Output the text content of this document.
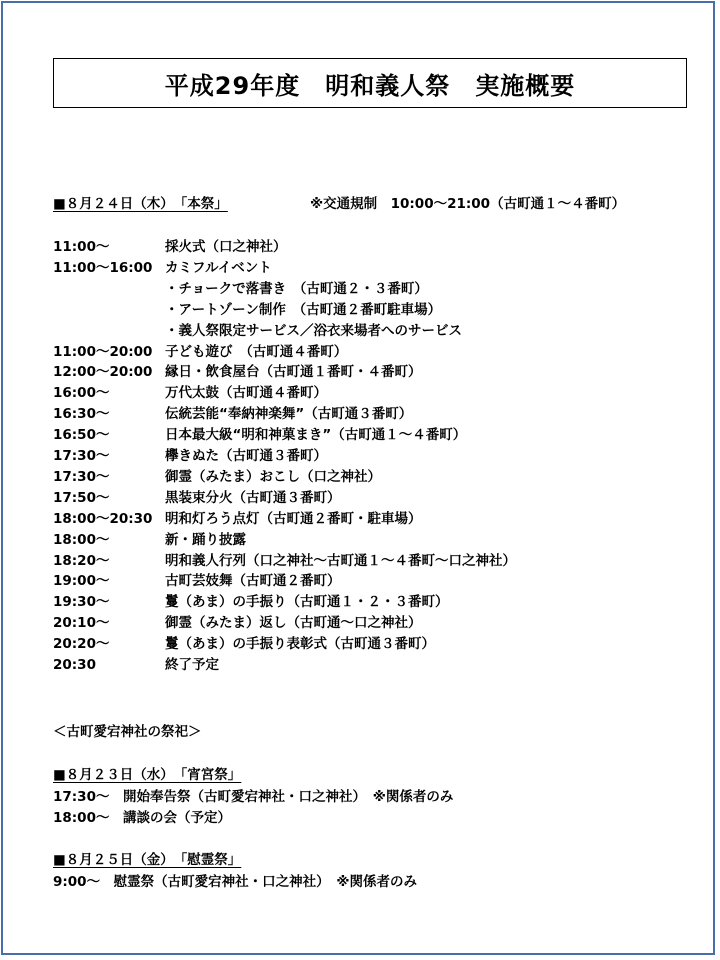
平成29年度　明和義人祭　実施概要
■８月２４日（木）　「本祭」	※交通規制　10:00～21:00（古町通１～４番町）
11:00～	採火式（口之神社）
11:00～16:00 カミフルイベント
・チョークで落書き　（古町通２・３番町）
・アートゾーン制作　（古町通２番町駐車場）
・義人祭限定サービス／浴衣来場者へのサービス
11:00～20:00 子ども遊び　（古町通４番町）
12:00～20:00 縁日・飲食屋台（古町通１番町・４番町）
16:00～	万代太鼓（古町通４番町）
16:30～	伝統芸能“奉納神楽舞”（古町通３番町）
16:50～	日本最大級“明和神菓まき”（古町通１～４番町）
17:30～	欅きぬた（古町通３番町）
17:30～	御霊（みたま）おこし（口之神社）
17:50～	黒装束分火（古町通３番町）
18:00～20:30 明和灯ろう点灯（古町通２番町・駐車場）
18:00～	新・踊り披露
18:20～	明和義人行列（口之神社～古町通１～４番町～口之神社）
19:00～	古町芸妓舞（古町通２番町）
19:30～	鬘（あま）の手振り（古町通１・２・３番町）
20:10～	御霊（みたま）返し（古町通～口之神社）
20:20～	鬘（あま）の手振り表彰式（古町通３番町）
20:30	終了予定
＜古町愛宕神社の祭祀＞
■８月２３日（水）　「宵宮祭」
17:30～　開始奉告祭（古町愛宕神社・口之神社）　※関係者のみ
18:00～　講談の会（予定）
■８月２５日（金）　「慰霊祭」
9:00～　慰霊祭（古町愛宕神社・口之神社）　※関係者のみ
